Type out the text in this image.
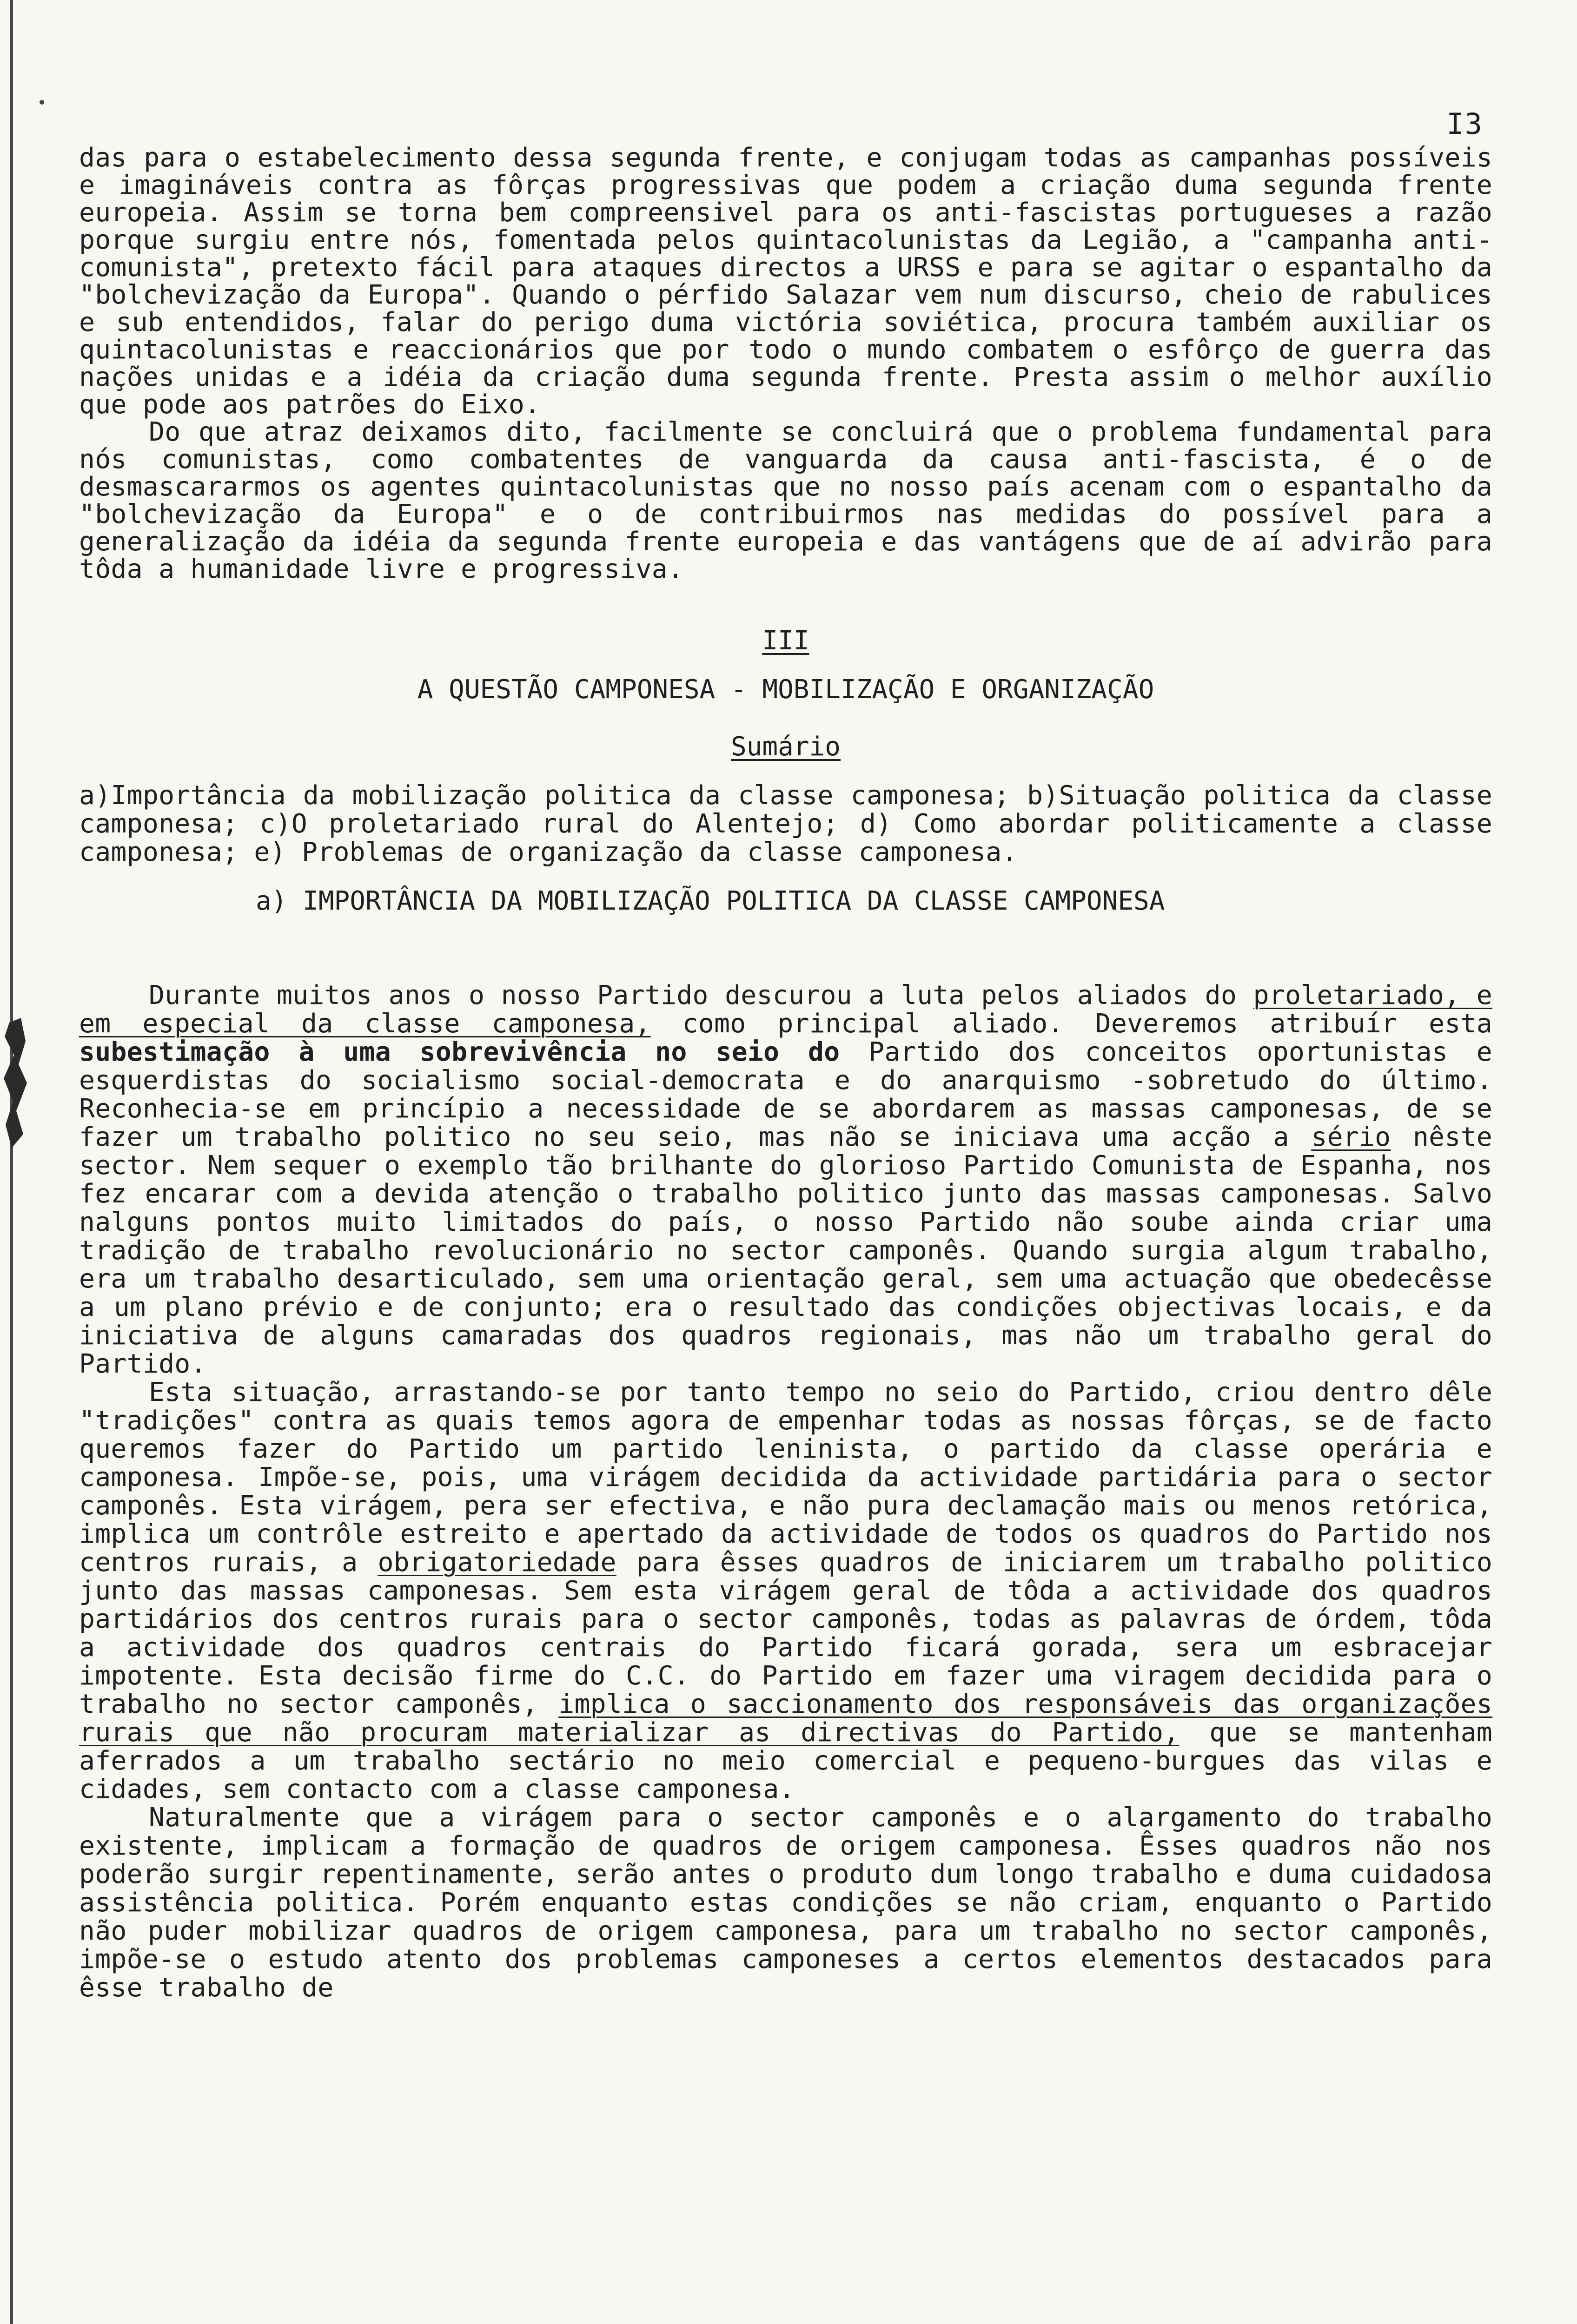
I3

das para o estabelecimento dessa segunda frente, e conjugam todas as campanhas possíveis e imagináveis contra as fôrças progressivas que podem a criação duma segunda frente europeia. Assim se torna bem compreensivel para os anti-fascistas portugueses a razão porque surgiu entre nós, fomentada pelos quintacolunistas da Legião, a "campanha anti-comunista", pretexto fácil para ataques directos a URSS e para se agitar o espantalho da "bolchevização da Europa". Quando o pérfido Salazar vem num discurso, cheio de rabulices e sub entendidos, falar do perigo duma victória soviética, procura também auxiliar os quintacolunistas e reaccionários que por todo o mundo combatem o esfôrço de guerra das nações unidas e a idéia da criação duma segunda frente. Presta assim o melhor auxílio que pode aos patrões do Eixo.

Do que atraz deixamos dito, facilmente se concluirá que o problema fundamental para nós comunistas, como combatentes de vanguarda da causa anti-fascista, é o de desmascararmos os agentes quintacolunistas que no nosso país acenam com o espantalho da "bolchevização da Europa" e o de contribuirmos nas medidas do possível para a generalização da idéia da segunda frente europeia e das vantágens que de aí advirão para tôda a humanidade livre e progressiva.

III

A QUESTÃO CAMPONESA - MOBILIZAÇÃO E ORGANIZAÇÃO

Sumário

a)Importância da mobilização politica da classe camponesa; b)Situação politica da classe camponesa; c)O proletariado rural do Alentejo; d) Como abordar politicamente a classe camponesa; e) Problemas de organização da classe camponesa.

a) IMPORTÂNCIA DA MOBILIZAÇÃO POLITICA DA CLASSE CAMPONESA

Durante muitos anos o nosso Partido descurou a luta pelos aliados do proletariado, e em especial da classe camponesa, como principal aliado. Deveremos atribuír esta subestimação à uma sobrevivência no seio do Partido dos conceitos oportunistas e esquerdistas do socialismo social-democrata e do anarquismo -sobretudo do último. Reconhecia-se em princípio a necessidade de se abordarem as massas camponesas, de se fazer um trabalho politico no seu seio, mas não se iniciava uma acção a sério nêste sector. Nem sequer o exemplo tão brilhante do glorioso Partido Comunista de Espanha, nos fez encarar com a devida atenção o trabalho politico junto das massas camponesas. Salvo nalguns pontos muito limitados do país, o nosso Partido não soube ainda criar uma tradição de trabalho revolucionário no sector camponês. Quando surgia algum trabalho, era um trabalho desarticulado, sem uma orientação geral, sem uma actuação que obedecêsse a um plano prévio e de conjunto; era o resultado das condições objectivas locais, e da iniciativa de alguns camaradas dos quadros regionais, mas não um trabalho geral do Partido.

Esta situação, arrastando-se por tanto tempo no seio do Partido, criou dentro dêle "tradições" contra as quais temos agora de empenhar todas as nossas fôrças, se de facto queremos fazer do Partido um partido leninista, o partido da classe operária e camponesa. Impõe-se, pois, uma virágem decidida da actividade partidária para o sector camponês. Esta virágem, pera ser efectiva, e não pura declamação mais ou menos retórica, implica um contrôle estreito e apertado da actividade de todos os quadros do Partido nos centros rurais, a obrigatoriedade para êsses quadros de iniciarem um trabalho politico junto das massas camponesas. Sem esta virágem geral de tôda a actividade dos quadros partidários dos centros rurais para o sector camponês, todas as palavras de órdem, tôda a actividade dos quadros centrais do Partido ficará gorada, sera um esbracejar impotente. Esta decisão firme do C.C. do Partido em fazer uma viragem decidida para o trabalho no sector camponês, implica o saccionamento dos responsáveis das organizações rurais que não procuram materializar as directivas do Partido, que se mantenham aferrados a um trabalho sectário no meio comercial e pequeno-burgues das vilas e cidades, sem contacto com a classe camponesa.

Naturalmente que a virágem para o sector camponês e o alargamento do trabalho existente, implicam a formação de quadros de origem camponesa. Êsses quadros não nos poderão surgir repentinamente, serão antes o produto dum longo trabalho e duma cuidadosa assistência politica. Porém enquanto estas condições se não criam, enquanto o Partido não puder mobilizar quadros de origem camponesa, para um trabalho no sector camponês, impõe-se o estudo atento dos problemas camponeses a certos elementos destacados para êsse trabalho de
